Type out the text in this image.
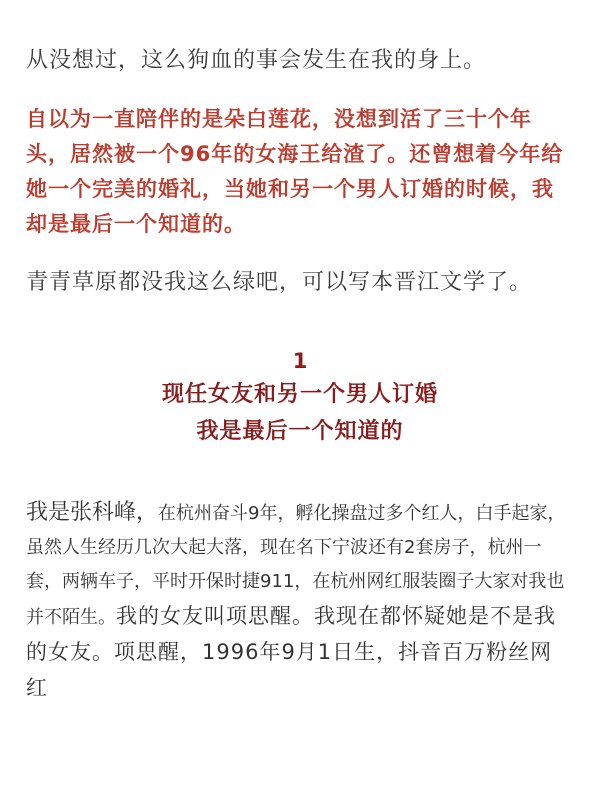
从没想过，这么狗血的事会发生在我的身上。

自以为一直陪伴的是朵白莲花，没想到活了三十个年头，居然被一个96年的女海王给渣了。还曾想着今年给她一个完美的婚礼，当她和另一个男人订婚的时候，我却是最后一个知道的。

青青草原都没我这么绿吧，可以写本晋江文学了。

1

现任女友和另一个男人订婚

我是最后一个知道的

我是张科峰，在杭州奋斗9年，孵化操盘过多个红人，白手起家，虽然人生经历几次大起大落，现在名下宁波还有2套房子，杭州一套，两辆车子，平时开保时捷911，在杭州网红服装圈子大家对我也并不陌生。我的女友叫项思醒。我现在都怀疑她是不是我的女友。项思醒，1996年9月1日生，抖音百万粉丝网红
